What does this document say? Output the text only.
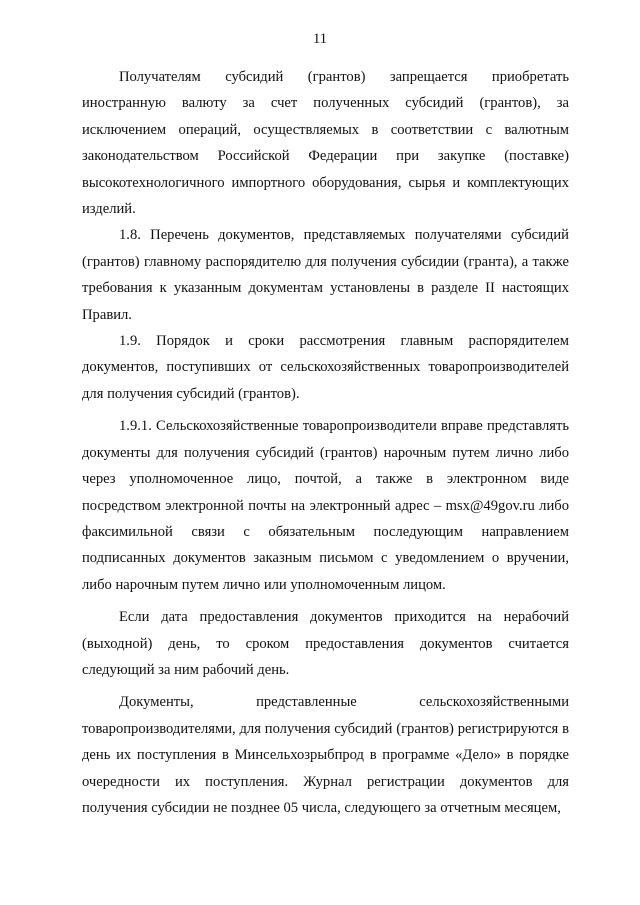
11

Получателям субсидий (грантов) запрещается приобретать иностранную валюту за счет полученных субсидий (грантов), за исключением операций, осуществляемых в соответствии с валютным законодательством Российской Федерации при закупке (поставке) высокотехнологичного импортного оборудования, сырья и комплектующих изделий.

1.8. Перечень документов, представляемых получателями субсидий (грантов) главному распорядителю для получения субсидии (гранта), а также требования к указанным документам установлены в разделе II настоящих Правил.

1.9. Порядок и сроки рассмотрения главным распорядителем документов, поступивших от сельскохозяйственных товаропроизводителей для получения субсидий (грантов).

1.9.1. Сельскохозяйственные товаропроизводители вправе представлять документы для получения субсидий (грантов) нарочным путем лично либо через уполномоченное лицо, почтой, а также в электронном виде посредством электронной почты на электронный адрес – msx@49gov.ru либо факсимильной связи с обязательным последующим направлением подписанных документов заказным письмом с уведомлением о вручении, либо нарочным путем лично или уполномоченным лицом.

Если дата предоставления документов приходится на нерабочий (выходной) день, то сроком предоставления документов считается следующий за ним рабочий день.

Документы, представленные сельскохозяйственными товаропроизводителями, для получения субсидий (грантов) регистрируются в день их поступления в Минсельхозрыбпрод в программе «Дело» в порядке очередности их поступления. Журнал регистрации документов для получения субсидии не позднее 05 числа, следующего за отчетным месяцем,
